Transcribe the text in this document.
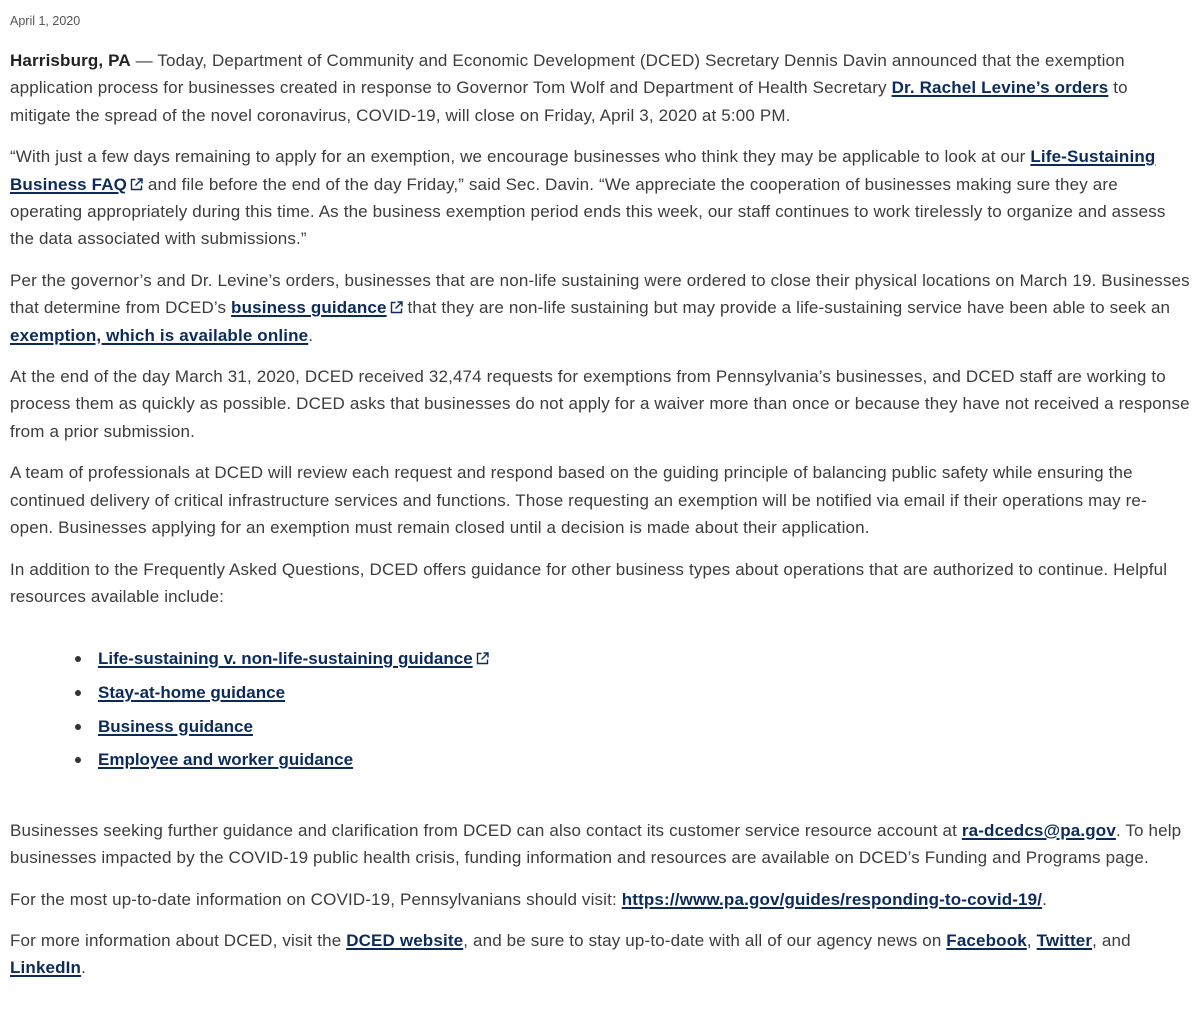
April 1, 2020

Harrisburg, PA — Today, Department of Community and Economic Development (DCED) Secretary Dennis Davin announced that the exemption application process for businesses created in response to Governor Tom Wolf and Department of Health Secretary Dr. Rachel Levine’s orders to mitigate the spread of the novel coronavirus, COVID-19, will close on Friday, April 3, 2020 at 5:00 PM.

“With just a few days remaining to apply for an exemption, we encourage businesses who think they may be applicable to look at our Life-Sustaining Business FAQ
and file before the end of the day Friday,” said Sec. Davin. “We appreciate the cooperation of businesses making sure they are operating appropriately during this time. As the business exemption period ends this week, our staff continues to work tirelessly to organize and assess the data associated with submissions.”

Per the governor’s and Dr. Levine’s orders, businesses that are non-life sustaining were ordered to close their physical locations on March 19. Businesses that determine from DCED’s business guidance
that they are non-life sustaining but may provide a life-sustaining service have been able to seek an exemption, which is available online.

At the end of the day March 31, 2020, DCED received 32,474 requests for exemptions from Pennsylvania’s businesses, and DCED staff are working to process them as quickly as possible. DCED asks that businesses do not apply for a waiver more than once or because they have not received a response from a prior submission.

A team of professionals at DCED will review each request and respond based on the guiding principle of balancing public safety while ensuring the continued delivery of critical infrastructure services and functions. Those requesting an exemption will be notified via email if their operations may re-open. Businesses applying for an exemption must remain closed until a decision is made about their application.

In addition to the Frequently Asked Questions, DCED offers guidance for other business types about operations that are authorized to continue. Helpful resources available include:

Life-sustaining v. non-life-sustaining guidance
Stay-at-home guidance
Business guidance
Employee and worker guidance

Businesses seeking further guidance and clarification from DCED can also contact its customer service resource account at ra-dcedcs@pa.gov. To help businesses impacted by the COVID-19 public health crisis, funding information and resources are available on DCED’s Funding and Programs page.

For the most up-to-date information on COVID-19, Pennsylvanians should visit: https://www.pa.gov/guides/responding-to-covid-19/.

For more information about DCED, visit the DCED website, and be sure to stay up-to-date with all of our agency news on Facebook, Twitter, and LinkedIn.
